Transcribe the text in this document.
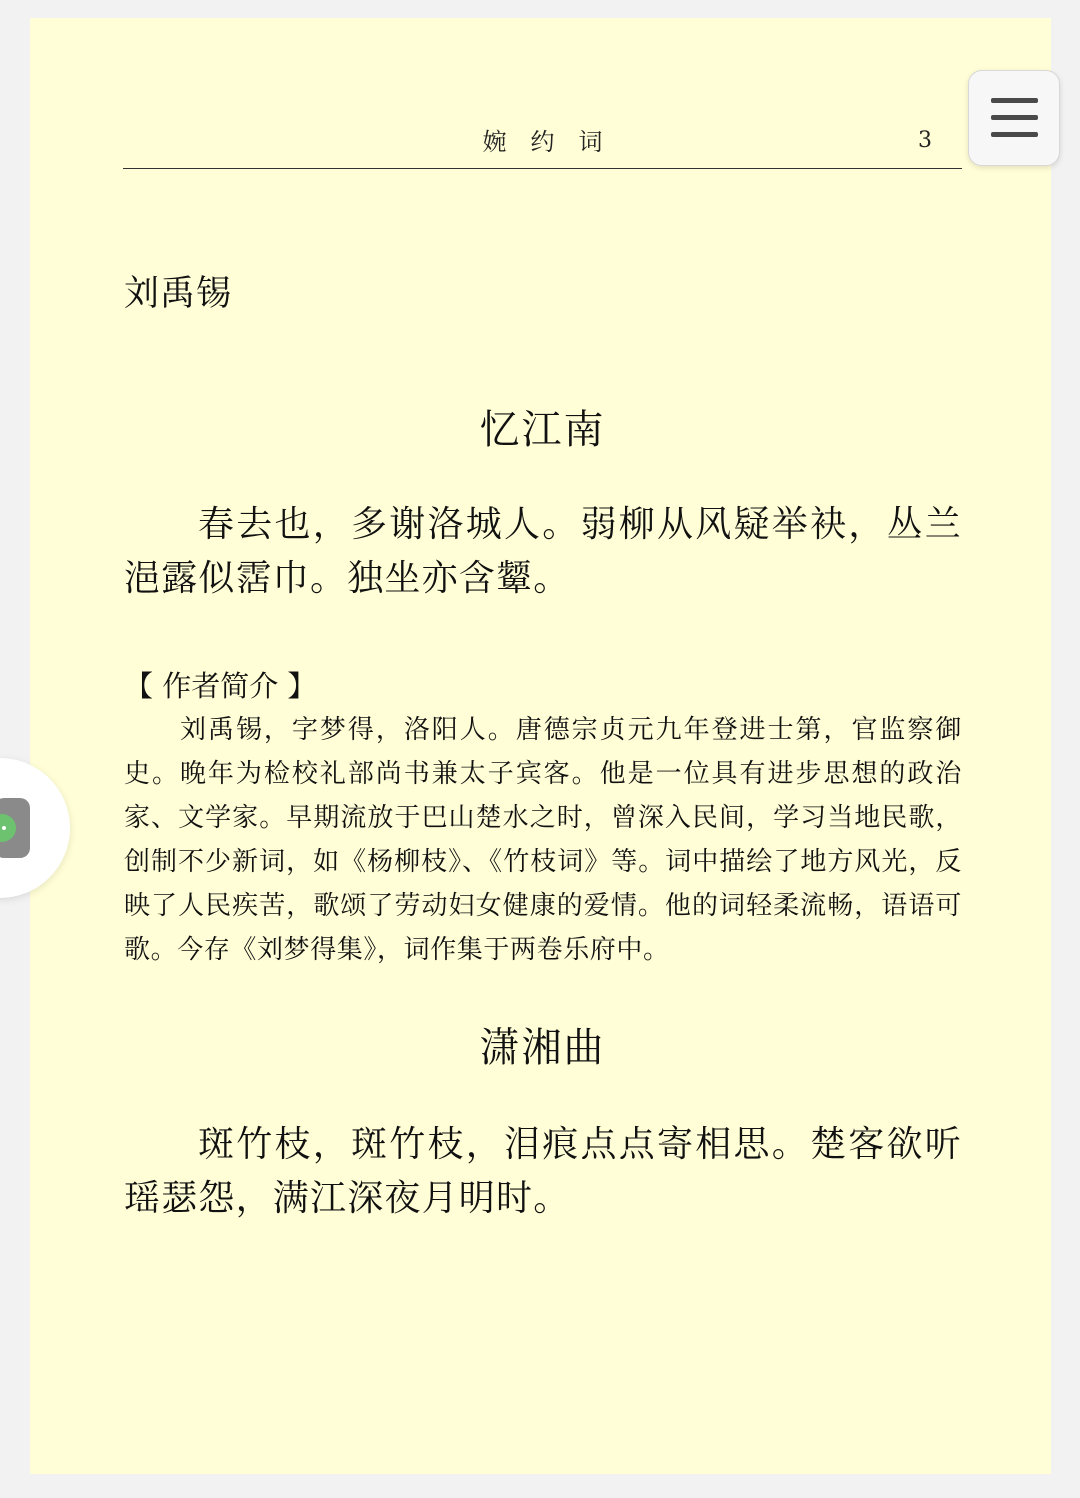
婉 约 词	3
刘禹锡
忆江南
春去也，多谢洛城人。弱柳从风疑举袂，丛兰浥露似霑巾。独坐亦含颦。
【 作者简介 】
刘禹锡，字梦得，洛阳人。唐德宗贞元九年登进士第，官监察御史。晚年为检校礼部尚书兼太子宾客。他是一位具有进步思想的政治家、文学家。早期流放于巴山楚水之时，曾深入民间，学习当地民歌，创制不少新词，如《杨柳枝》、《竹枝词》等。词中描绘了地方风光，反映了人民疾苦，歌颂了劳动妇女健康的爱情。他的词轻柔流畅，语语可歌。今存《刘梦得集》，词作集于两卷乐府中。
潇湘曲
斑竹枝，斑竹枝，泪痕点点寄相思。楚客欲听瑶瑟怨，满江深夜月明时。
